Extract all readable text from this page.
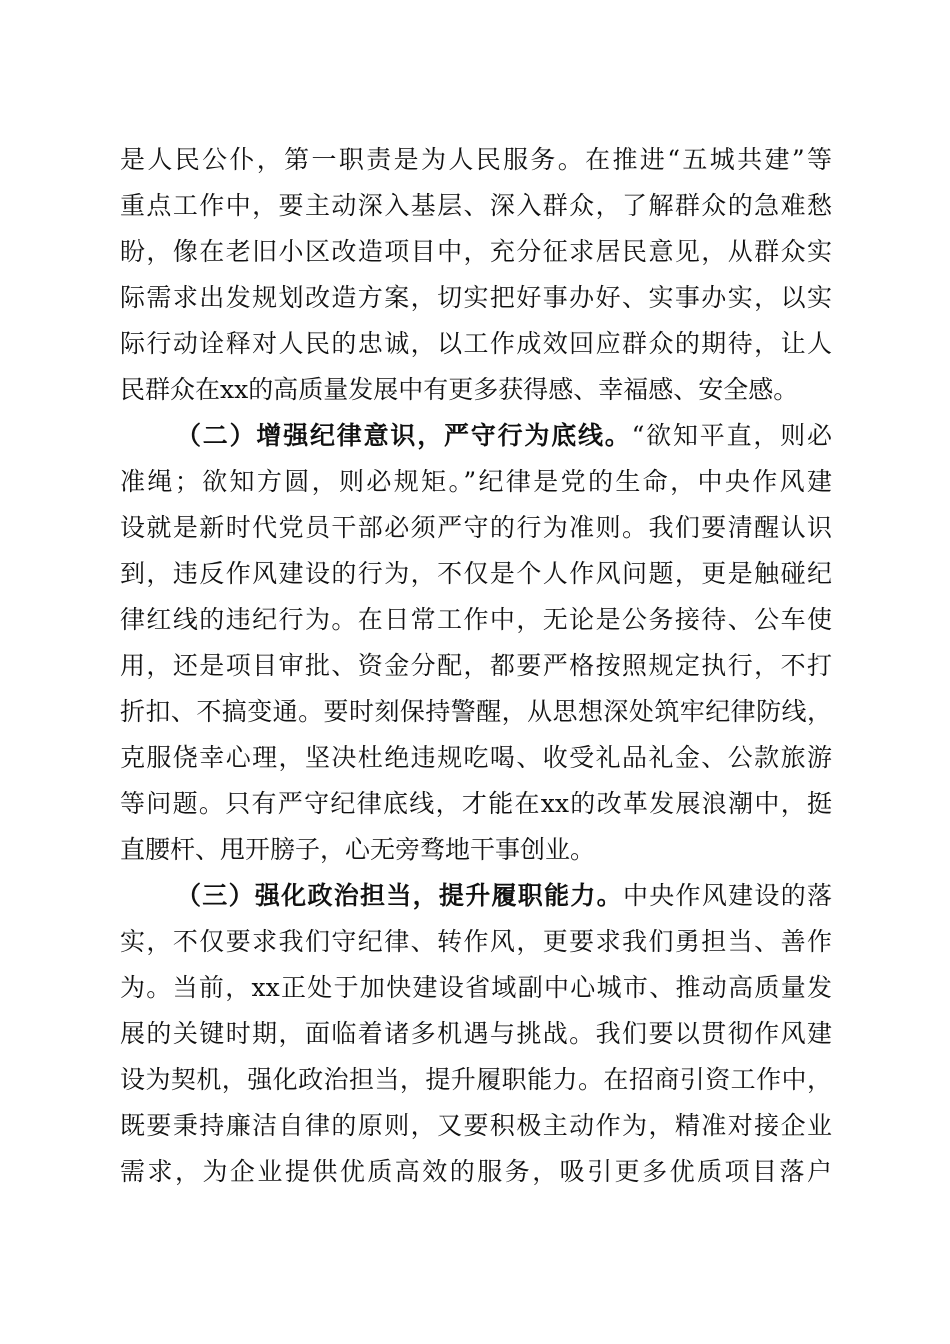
是人民公仆，第一职责是为人民服务。在推进“五城共建”等
重点工作中，要主动深入基层、深入群众，了解群众的急难愁
盼，像在老旧小区改造项目中，充分征求居民意见，从群众实
际需求出发规划改造方案，切实把好事办好、实事办实，以实
际行动诠释对人民的忠诚，以工作成效回应群众的期待，让人
民群众在xx的高质量发展中有更多获得感、幸福感、安全感。
（二）增强纪律意识，严守行为底线。“欲知平直，则必
准绳；欲知方圆，则必规矩。”纪律是党的生命，中央作风建
设就是新时代党员干部必须严守的行为准则。我们要清醒认识
到，违反作风建设的行为，不仅是个人作风问题，更是触碰纪
律红线的违纪行为。在日常工作中，无论是公务接待、公车使
用，还是项目审批、资金分配，都要严格按照规定执行，不打
折扣、不搞变通。要时刻保持警醒，从思想深处筑牢纪律防线，
克服侥幸心理，坚决杜绝违规吃喝、收受礼品礼金、公款旅游
等问题。只有严守纪律底线，才能在xx的改革发展浪潮中，挺
直腰杆、甩开膀子，心无旁骛地干事创业。
（三）强化政治担当，提升履职能力。中央作风建设的落
实，不仅要求我们守纪律、转作风，更要求我们勇担当、善作
为。当前，xx正处于加快建设省域副中心城市、推动高质量发
展的关键时期，面临着诸多机遇与挑战。我们要以贯彻作风建
设为契机，强化政治担当，提升履职能力。在招商引资工作中，
既要秉持廉洁自律的原则，又要积极主动作为，精准对接企业
需求，为企业提供优质高效的服务，吸引更多优质项目落户
